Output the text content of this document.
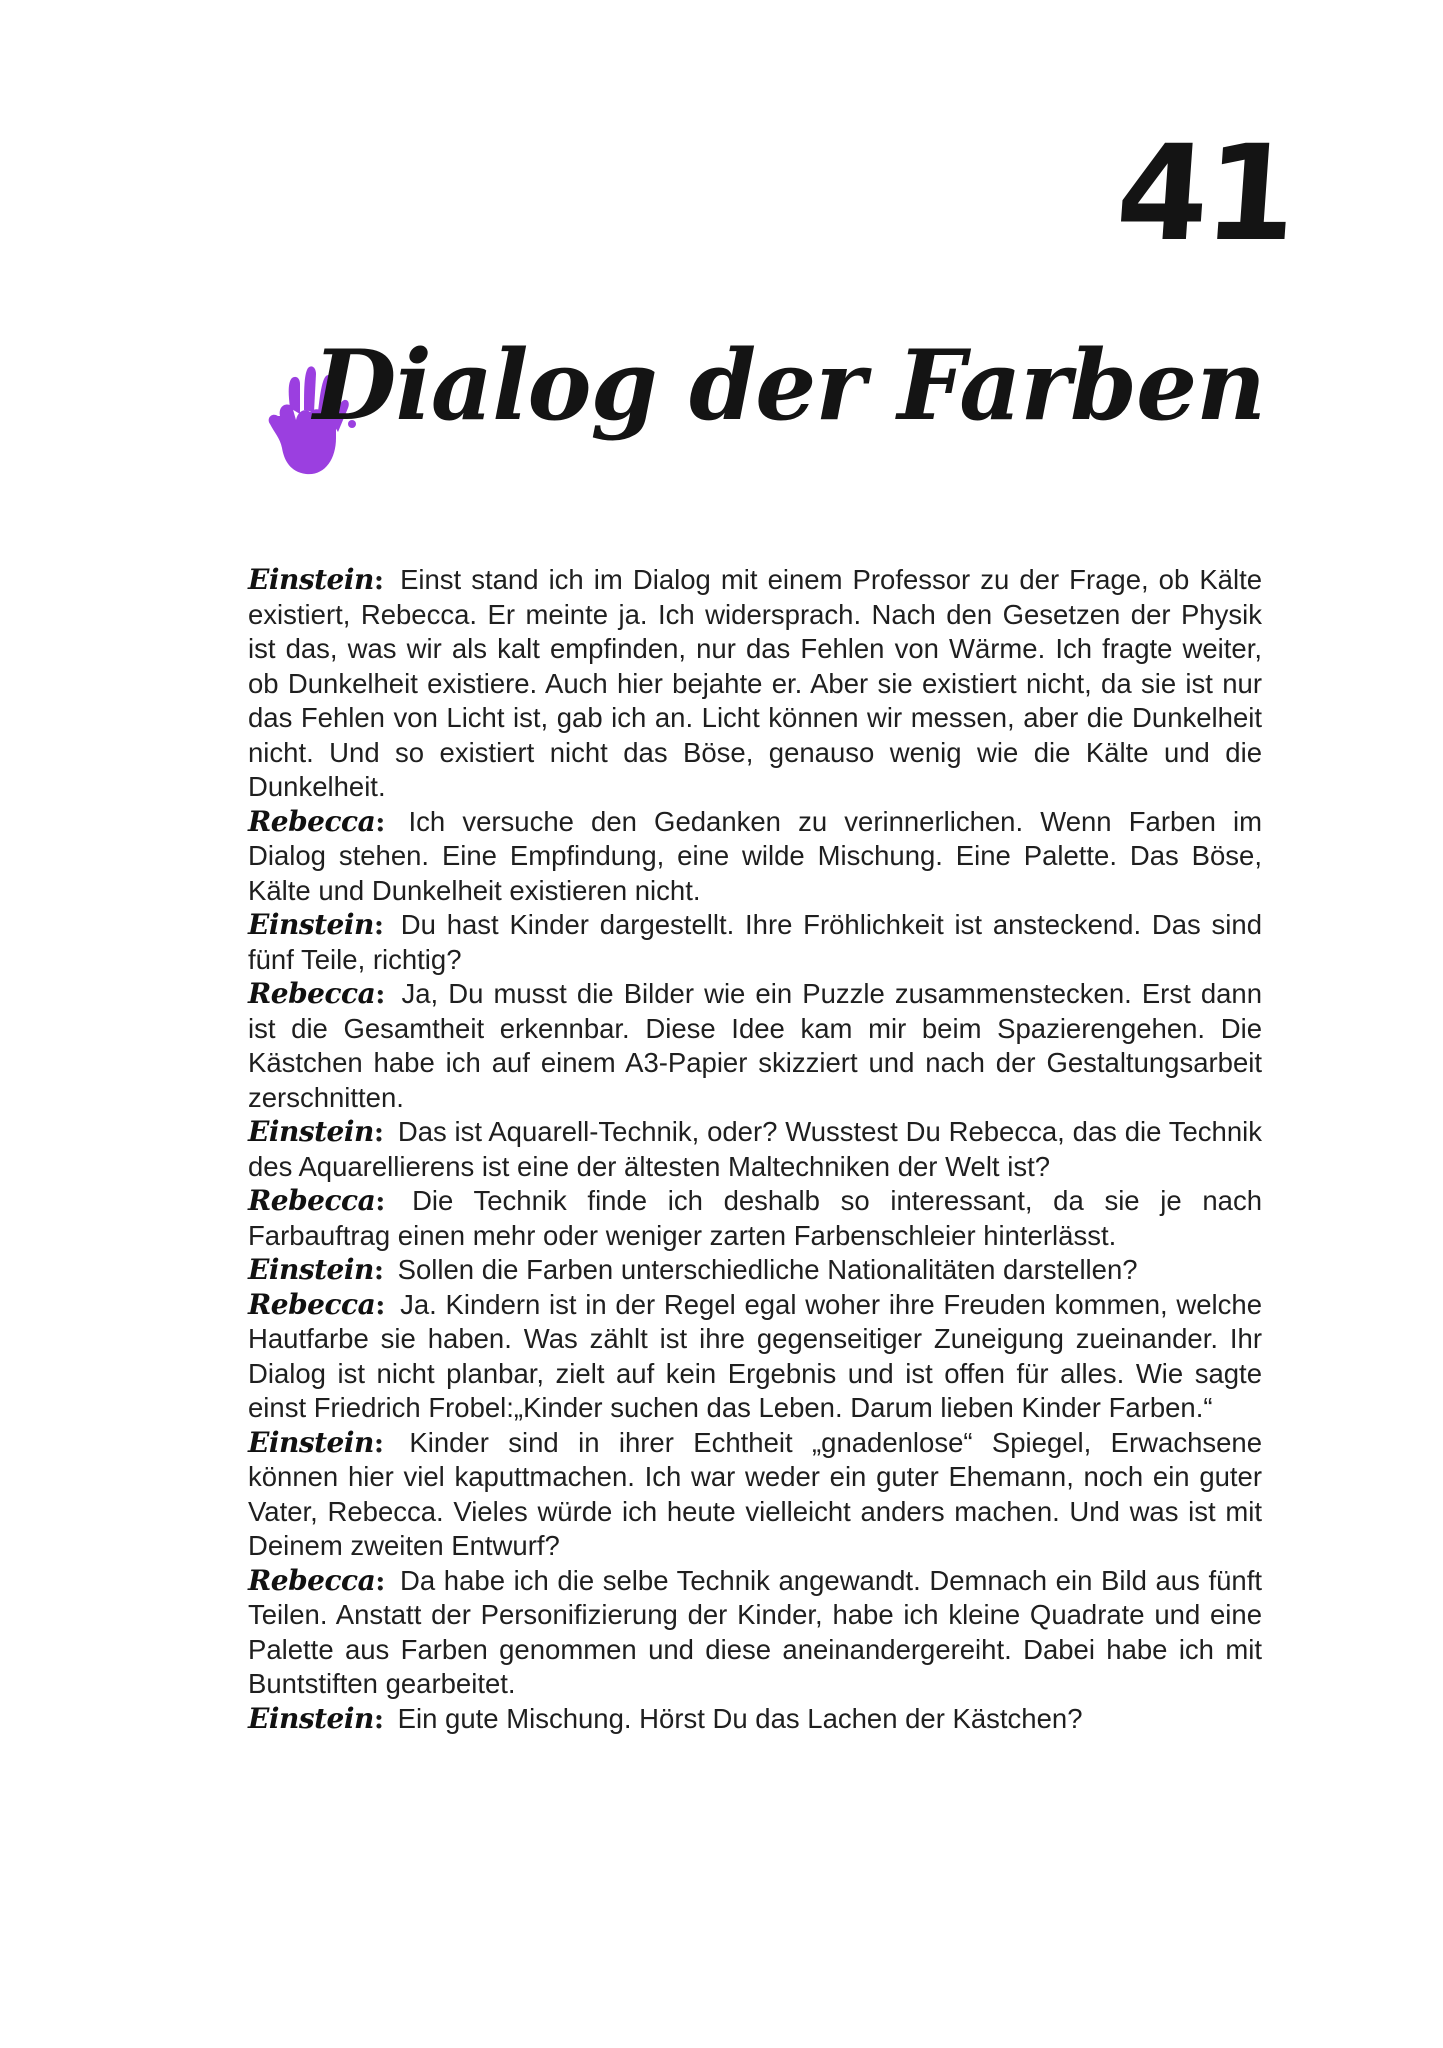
41
Dialog der Farben

Einstein: Einst stand ich im Dialog mit einem Professor zu der Frage, ob Kälte existiert, Rebecca. Er meinte ja. Ich widersprach. Nach den Gesetzen der Physik ist das, was wir als kalt empfinden, nur das Fehlen von Wärme. Ich fragte weiter, ob Dunkelheit existiere. Auch hier bejahte er. Aber sie existiert nicht, da sie ist nur das Fehlen von Licht ist, gab ich an. Licht können wir messen, aber die Dunkelheit nicht. Und so existiert nicht das Böse, genauso wenig wie die Kälte und die Dunkelheit.

Rebecca: Ich versuche den Gedanken zu verinnerlichen. Wenn Farben im Dialog stehen. Eine Empfindung, eine wilde Mischung. Eine Palette. Das Böse, Kälte und Dunkelheit existieren nicht.

Einstein: Du hast Kinder dargestellt. Ihre Fröhlichkeit ist ansteckend. Das sind fünf Teile, richtig?

Rebecca: Ja, Du musst die Bilder wie ein Puzzle zusammenstecken. Erst dann ist die Gesamtheit erkennbar. Diese Idee kam mir beim Spazierengehen. Die Kästchen habe ich auf einem A3-Papier skizziert und nach der Gestaltungsarbeit zerschnitten.

Einstein: Das ist Aquarell-Technik, oder? Wusstest Du Rebecca, das die Technik des Aquarellierens ist eine der ältesten Maltechniken der Welt ist?

Rebecca: Die Technik finde ich deshalb so interessant, da sie je nach Farbauftrag einen mehr oder weniger zarten Farbenschleier hinterlässt.

Einstein: Sollen die Farben unterschiedliche Nationalitäten darstellen?

Rebecca: Ja. Kindern ist in der Regel egal woher ihre Freuden kommen, welche Hautfarbe sie haben. Was zählt ist ihre gegenseitiger Zuneigung zueinander. Ihr Dialog ist nicht planbar, zielt auf kein Ergebnis und ist offen für alles. Wie sagte einst Friedrich Frobel:„Kinder suchen das Leben. Darum lieben Kinder Farben.“

Einstein: Kinder sind in ihrer Echtheit „gnadenlose“ Spiegel, Erwachsene können hier viel kaputtmachen. Ich war weder ein guter Ehemann, noch ein guter Vater, Rebecca. Vieles würde ich heute vielleicht anders machen. Und was ist mit Deinem zweiten Entwurf?

Rebecca: Da habe ich die selbe Technik angewandt. Demnach ein Bild aus fünft Teilen. Anstatt der Personifizierung der Kinder, habe ich kleine Quadrate und eine Palette aus Farben genommen und diese aneinandergereiht. Dabei habe ich mit Buntstiften gearbeitet.

Einstein: Ein gute Mischung. Hörst Du das Lachen der Kästchen?
